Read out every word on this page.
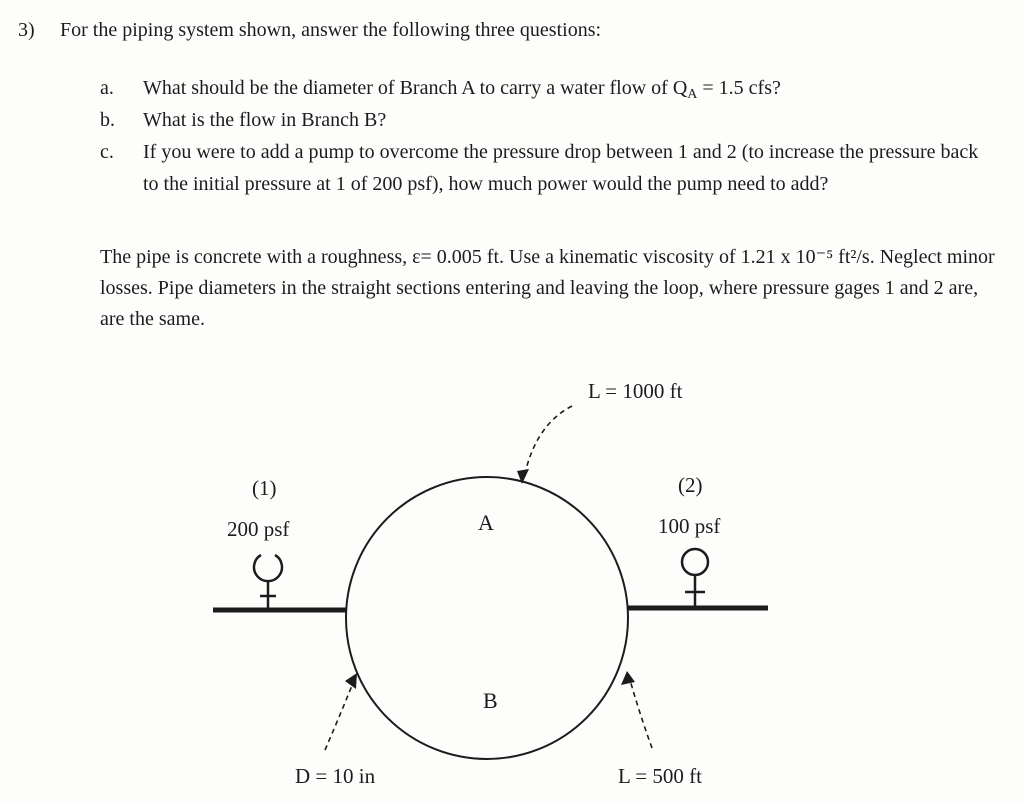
3)	For the piping system shown, answer the following three questions:
a.	What should be the diameter of Branch A to carry a water flow of $Q_A = 1.5$ cfs?
b.	What is the flow in Branch B?
c.	If you were to add a pump to overcome the pressure drop between 1 and 2 (to increase the pressure back to the initial pressure at 1 of 200 psf), how much power would the pump need to add?
The pipe is concrete with a roughness, ε= 0.005 ft. Use a kinematic viscosity of 1.21 x 10⁻⁵ ft²/s. Neglect minor losses. Pipe diameters in the straight sections entering and leaving the loop, where pressure gages 1 and 2 are, are the same.
L = 1000 ft
(1)
200 psf
(2)
100 psf
A
B
D = 10 in	L = 500 ft
